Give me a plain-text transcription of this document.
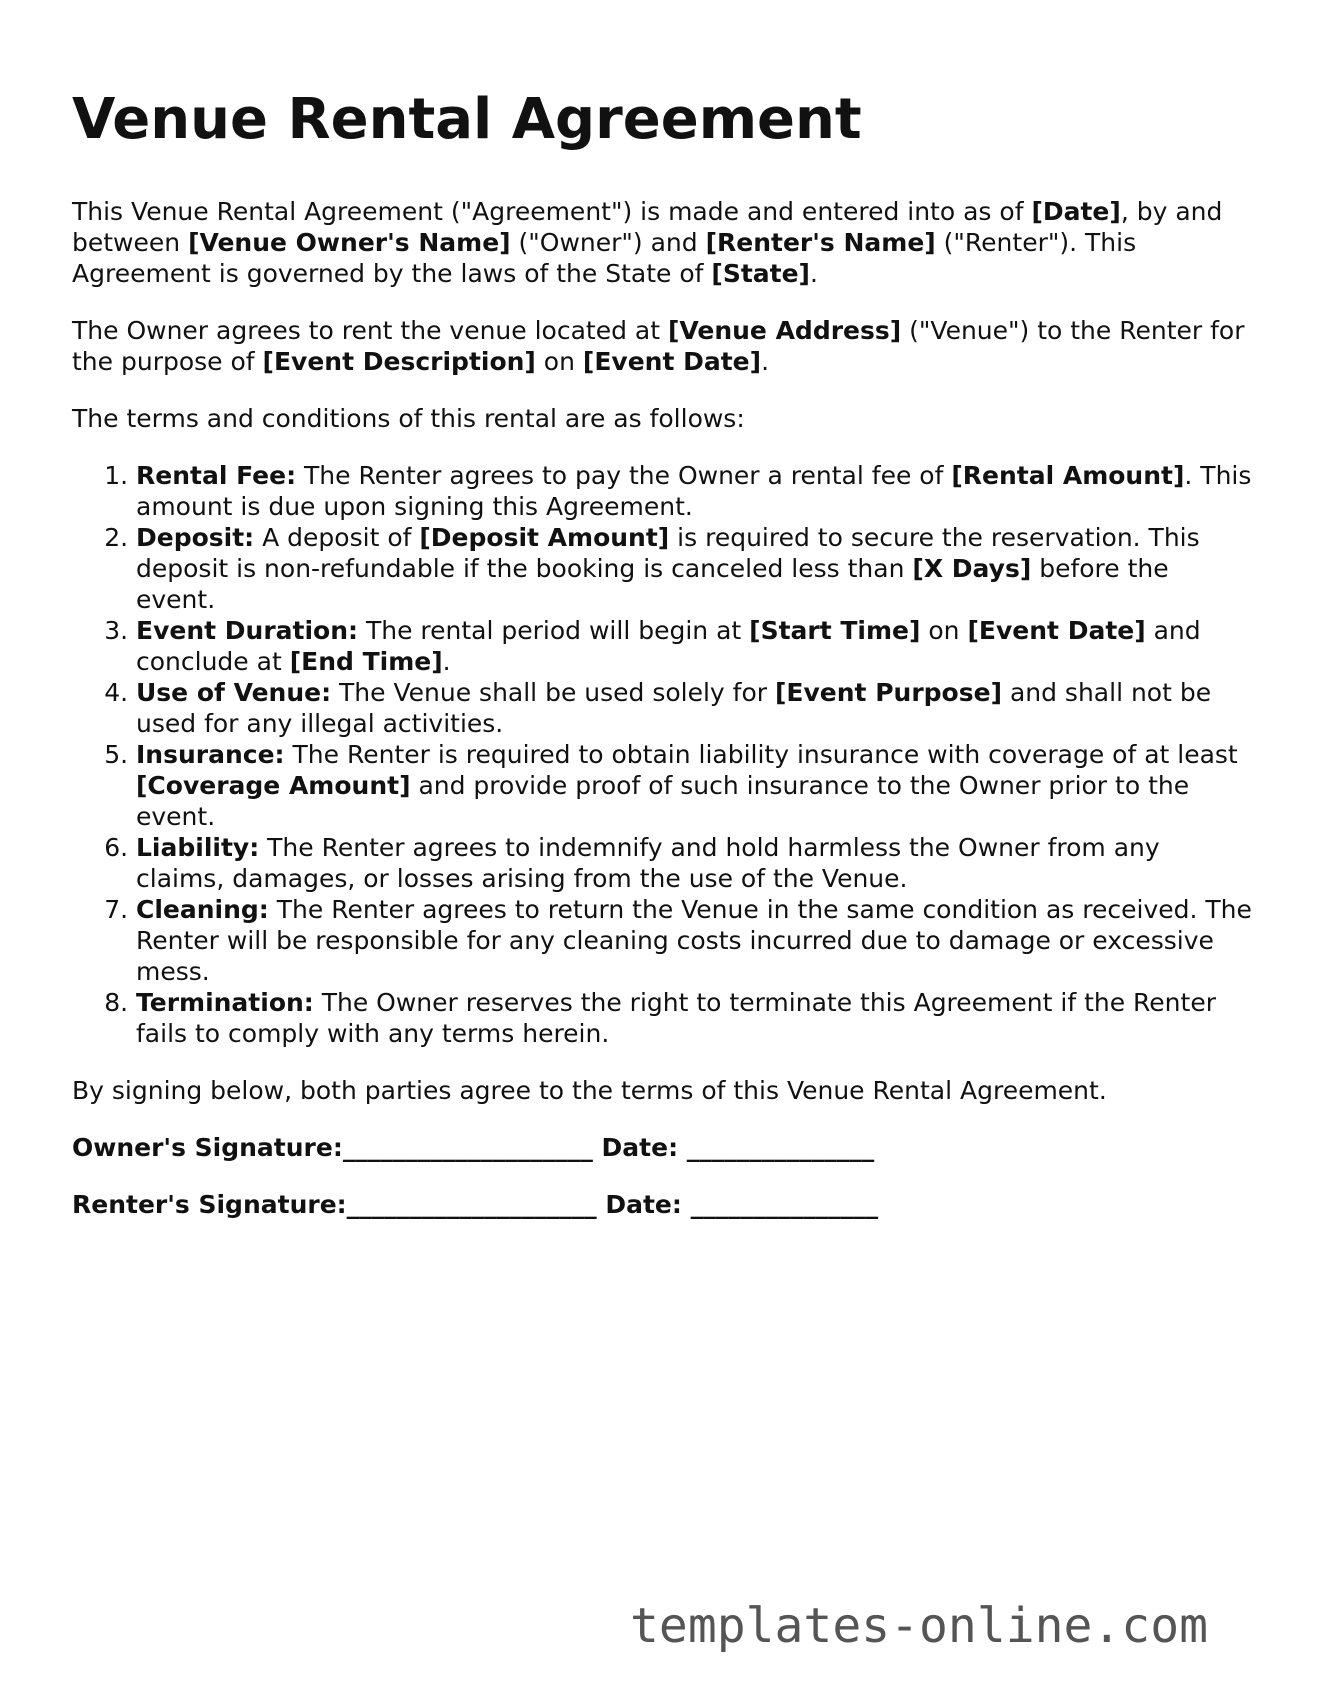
Venue Rental Agreement

This Venue Rental Agreement ("Agreement") is made and entered into as of [Date], by and between [Venue Owner's Name] ("Owner") and [Renter's Name] ("Renter"). This Agreement is governed by the laws of the State of [State].

The Owner agrees to rent the venue located at [Venue Address] ("Venue") to the Renter for the purpose of [Event Description] on [Event Date].

The terms and conditions of this rental are as follows:

1. Rental Fee: The Renter agrees to pay the Owner a rental fee of [Rental Amount]. This amount is due upon signing this Agreement.
2. Deposit: A deposit of [Deposit Amount] is required to secure the reservation. This deposit is non-refundable if the booking is canceled less than [X Days] before the event.
3. Event Duration: The rental period will begin at [Start Time] on [Event Date] and conclude at [End Time].
4. Use of Venue: The Venue shall be used solely for [Event Purpose] and shall not be used for any illegal activities.
5. Insurance: The Renter is required to obtain liability insurance with coverage of at least [Coverage Amount] and provide proof of such insurance to the Owner prior to the event.
6. Liability: The Renter agrees to indemnify and hold harmless the Owner from any claims, damages, or losses arising from the use of the Venue.
7. Cleaning: The Renter agrees to return the Venue in the same condition as received. The Renter will be responsible for any cleaning costs incurred due to damage or excessive mess.
8. Termination: The Owner reserves the right to terminate this Agreement if the Renter fails to comply with any terms herein.

By signing below, both parties agree to the terms of this Venue Rental Agreement.

Owner's Signature:____________________ Date: _______________
Renter's Signature:____________________ Date: _______________
templates-online.com
